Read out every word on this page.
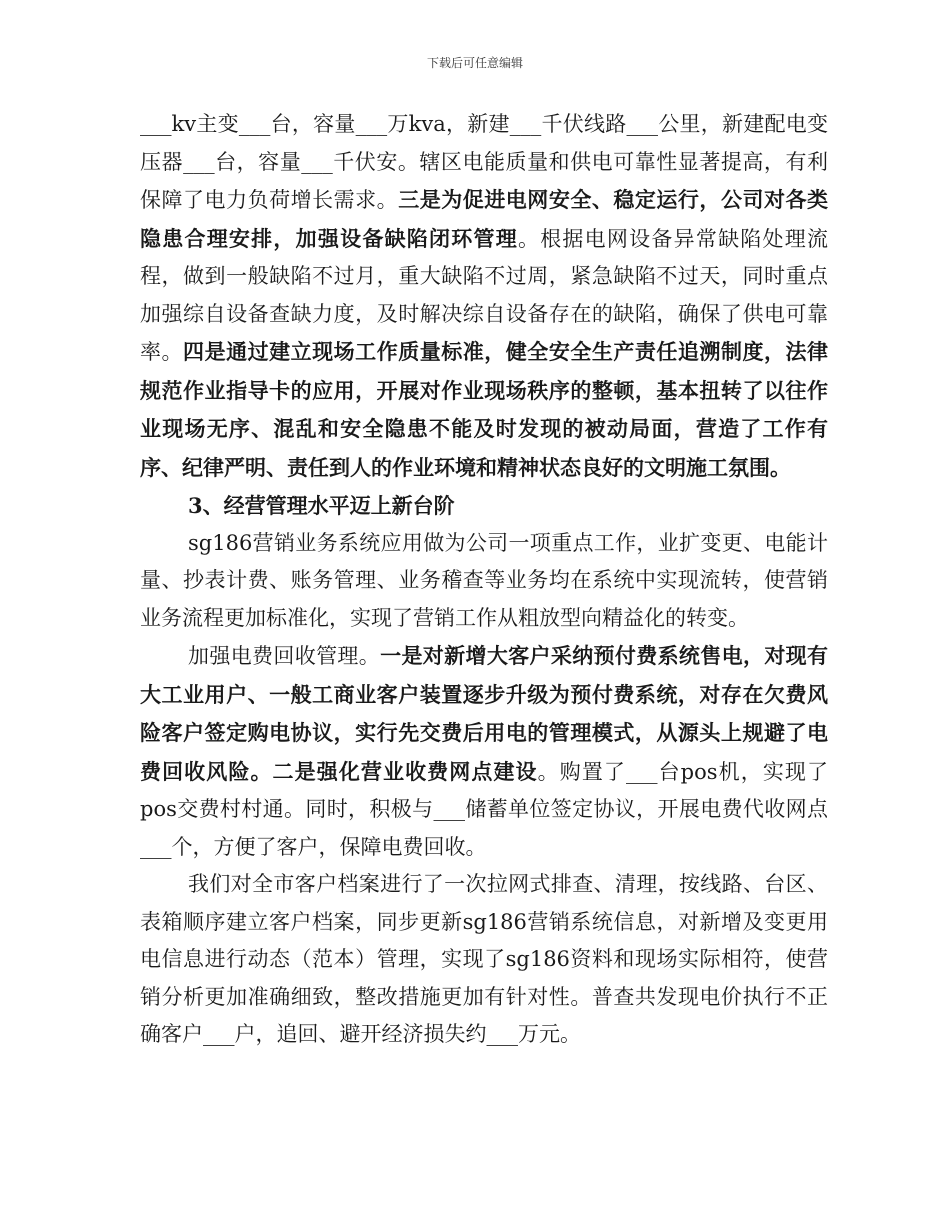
下载后可任意编辑

___kv主变___台，容量___万kva，新建___千伏线路___公里，新建配电变压器___台，容量___千伏安。辖区电能质量和供电可靠性显著提高，有利保障了电力负荷增长需求。三是为促进电网安全、稳定运行，公司对各类隐患合理安排，加强设备缺陷闭环管理。根据电网设备异常缺陷处理流程，做到一般缺陷不过月，重大缺陷不过周，紧急缺陷不过天，同时重点加强综自设备查缺力度，及时解决综自设备存在的缺陷，确保了供电可靠率。四是通过建立现场工作质量标准，健全安全生产责任追溯制度，法律规范作业指导卡的应用，开展对作业现场秩序的整顿，基本扭转了以往作业现场无序、混乱和安全隐患不能及时发现的被动局面，营造了工作有序、纪律严明、责任到人的作业环境和精神状态良好的文明施工氛围。

3、经营管理水平迈上新台阶

sg186营销业务系统应用做为公司一项重点工作，业扩变更、电能计量、抄表计费、账务管理、业务稽查等业务均在系统中实现流转，使营销业务流程更加标准化，实现了营销工作从粗放型向精益化的转变。

加强电费回收管理。一是对新增大客户采纳预付费系统售电，对现有大工业用户、一般工商业客户装置逐步升级为预付费系统，对存在欠费风险客户签定购电协议，实行先交费后用电的管理模式，从源头上规避了电费回收风险。二是强化营业收费网点建设。购置了___台pos机，实现了pos交费村村通。同时，积极与___储蓄单位签定协议，开展电费代收网点___个，方便了客户，保障电费回收。

我们对全市客户档案进行了一次拉网式排查、清理，按线路、台区、表箱顺序建立客户档案，同步更新sg186营销系统信息，对新增及变更用电信息进行动态（范本）管理，实现了sg186资料和现场实际相符，使营销分析更加准确细致，整改措施更加有针对性。普查共发现电价执行不正确客户___户，追回、避开经济损失约___万元。
